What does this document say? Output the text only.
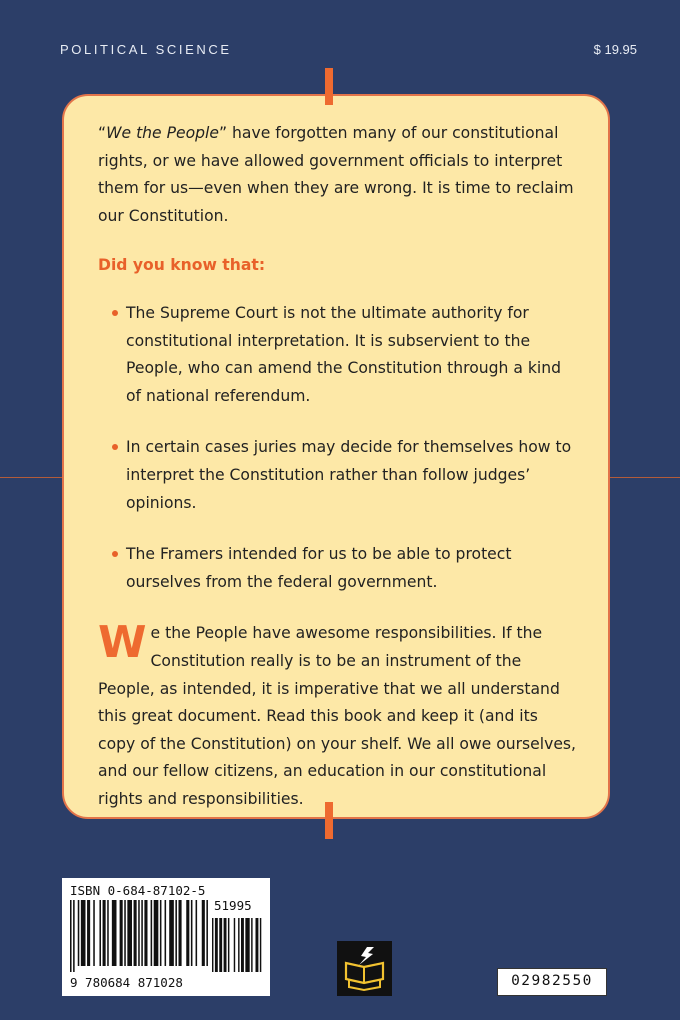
POLITICAL SCIENCE	$ 19.95

“We the People” have forgotten many of our constitutional rights, or we have allowed government officials to interpret them for us—even when they are wrong. It is time to reclaim our Constitution.

Did you know that:

The Supreme Court is not the ultimate authority for constitutional interpretation. It is subservient to the People, who can amend the Constitution through a kind of national referendum.
In certain cases juries may decide for themselves how to interpret the Constitution rather than follow judges’ opinions.
The Framers intended for us to be able to protect ourselves from the federal government.

We the People have awesome responsibilities. If the Constitution really is to be an instrument of the People, as intended, it is imperative that we all understand this great document. Read this book and keep it (and its copy of the Constitution) on your shelf. We all owe ourselves, and our fellow citizens, an education in our constitutional rights and responsibilities.

ISBN 0-684-87102-5
51995
9 780684 871028	02982550
